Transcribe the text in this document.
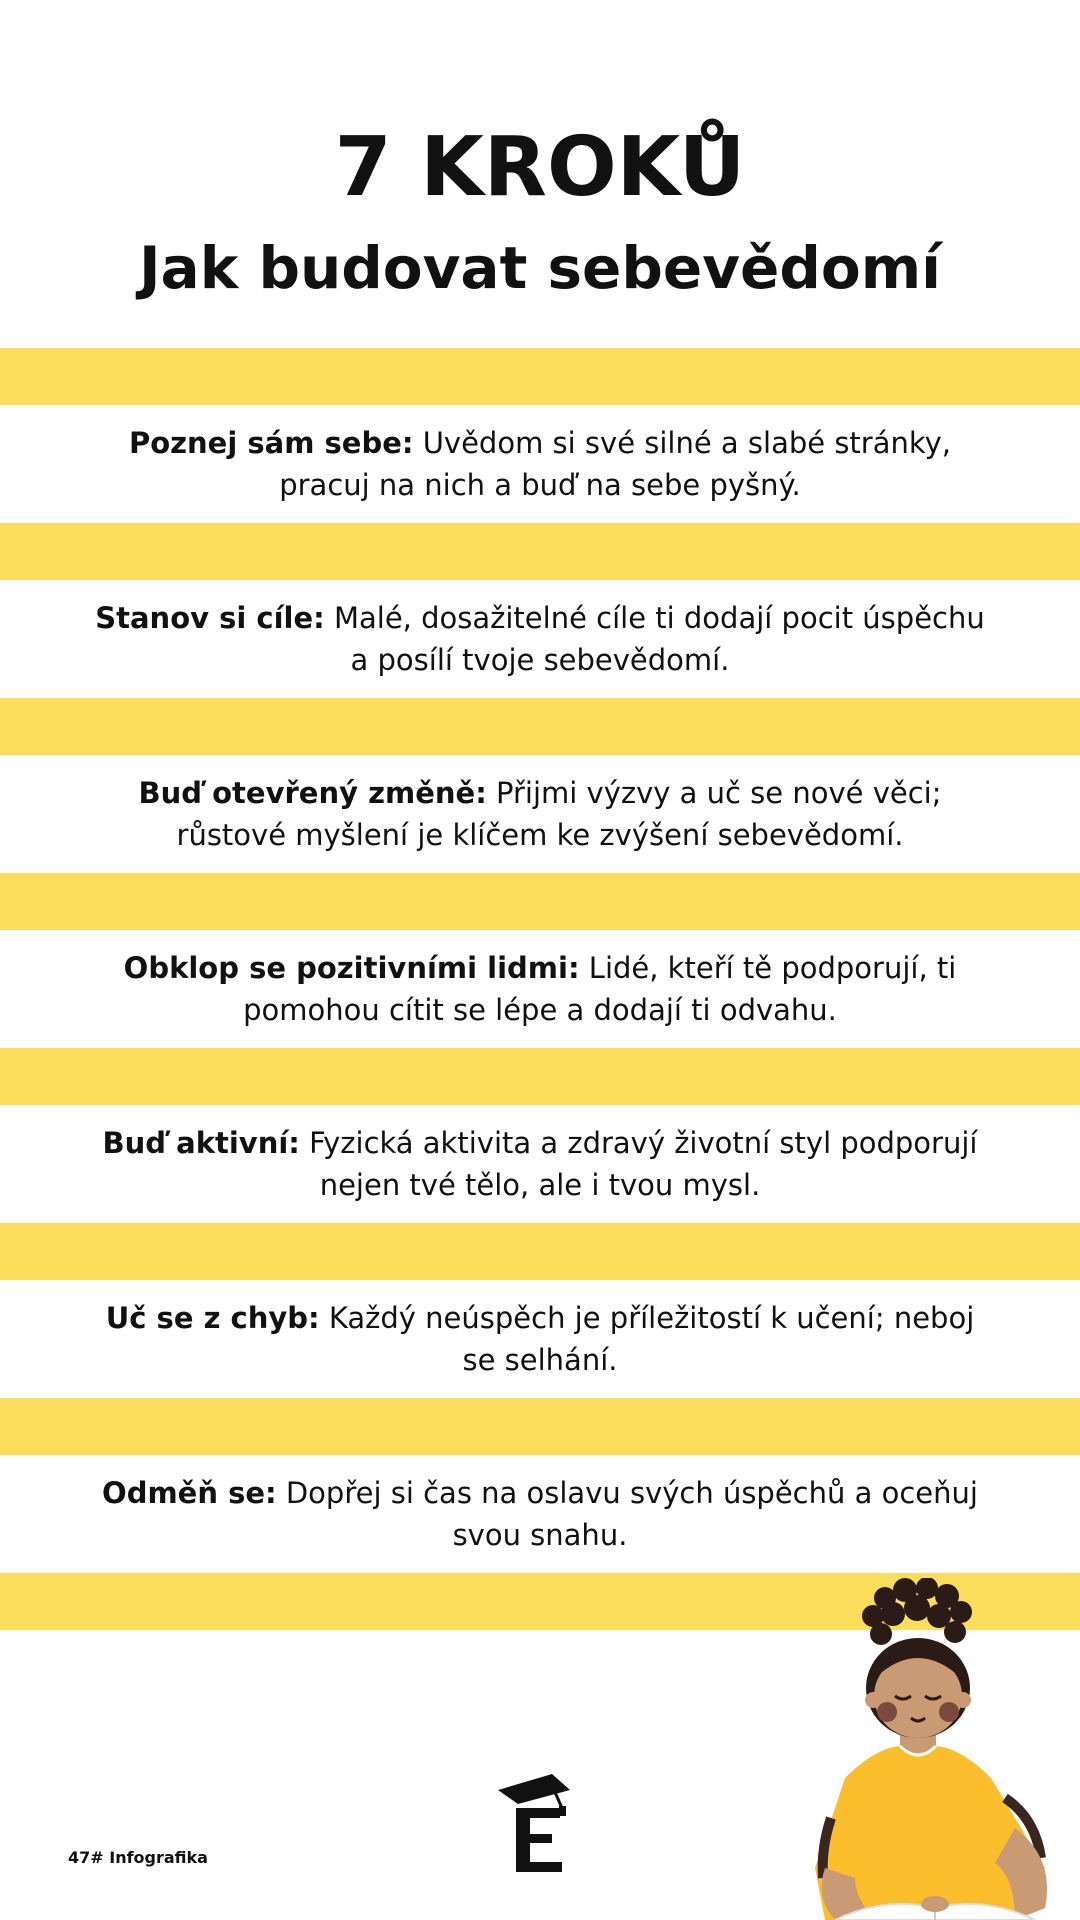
7 KROKŮ
Jak budovat sebevědomí

Poznej sám sebe: Uvědom si své silné a slabé stránky, pracuj na nich a buď na sebe pyšný.

Stanov si cíle: Malé, dosažitelné cíle ti dodají pocit úspěchu a posílí tvoje sebevědomí.

Buď otevřený změně: Přijmi výzvy a uč se nové věci; růstové myšlení je klíčem ke zvýšení sebevědomí.

Obklop se pozitivními lidmi: Lidé, kteří tě podporují, ti pomohou cítit se lépe a dodají ti odvahu.

Buď aktivní: Fyzická aktivita a zdravý životní styl podporují nejen tvé tělo, ale i tvou mysl.

Uč se z chyb: Každý neúspěch je příležitostí k učení; neboj se selhání.

Odměň se: Dopřej si čas na oslavu svých úspěchů a oceňuj svou snahu.

47# Infografika
